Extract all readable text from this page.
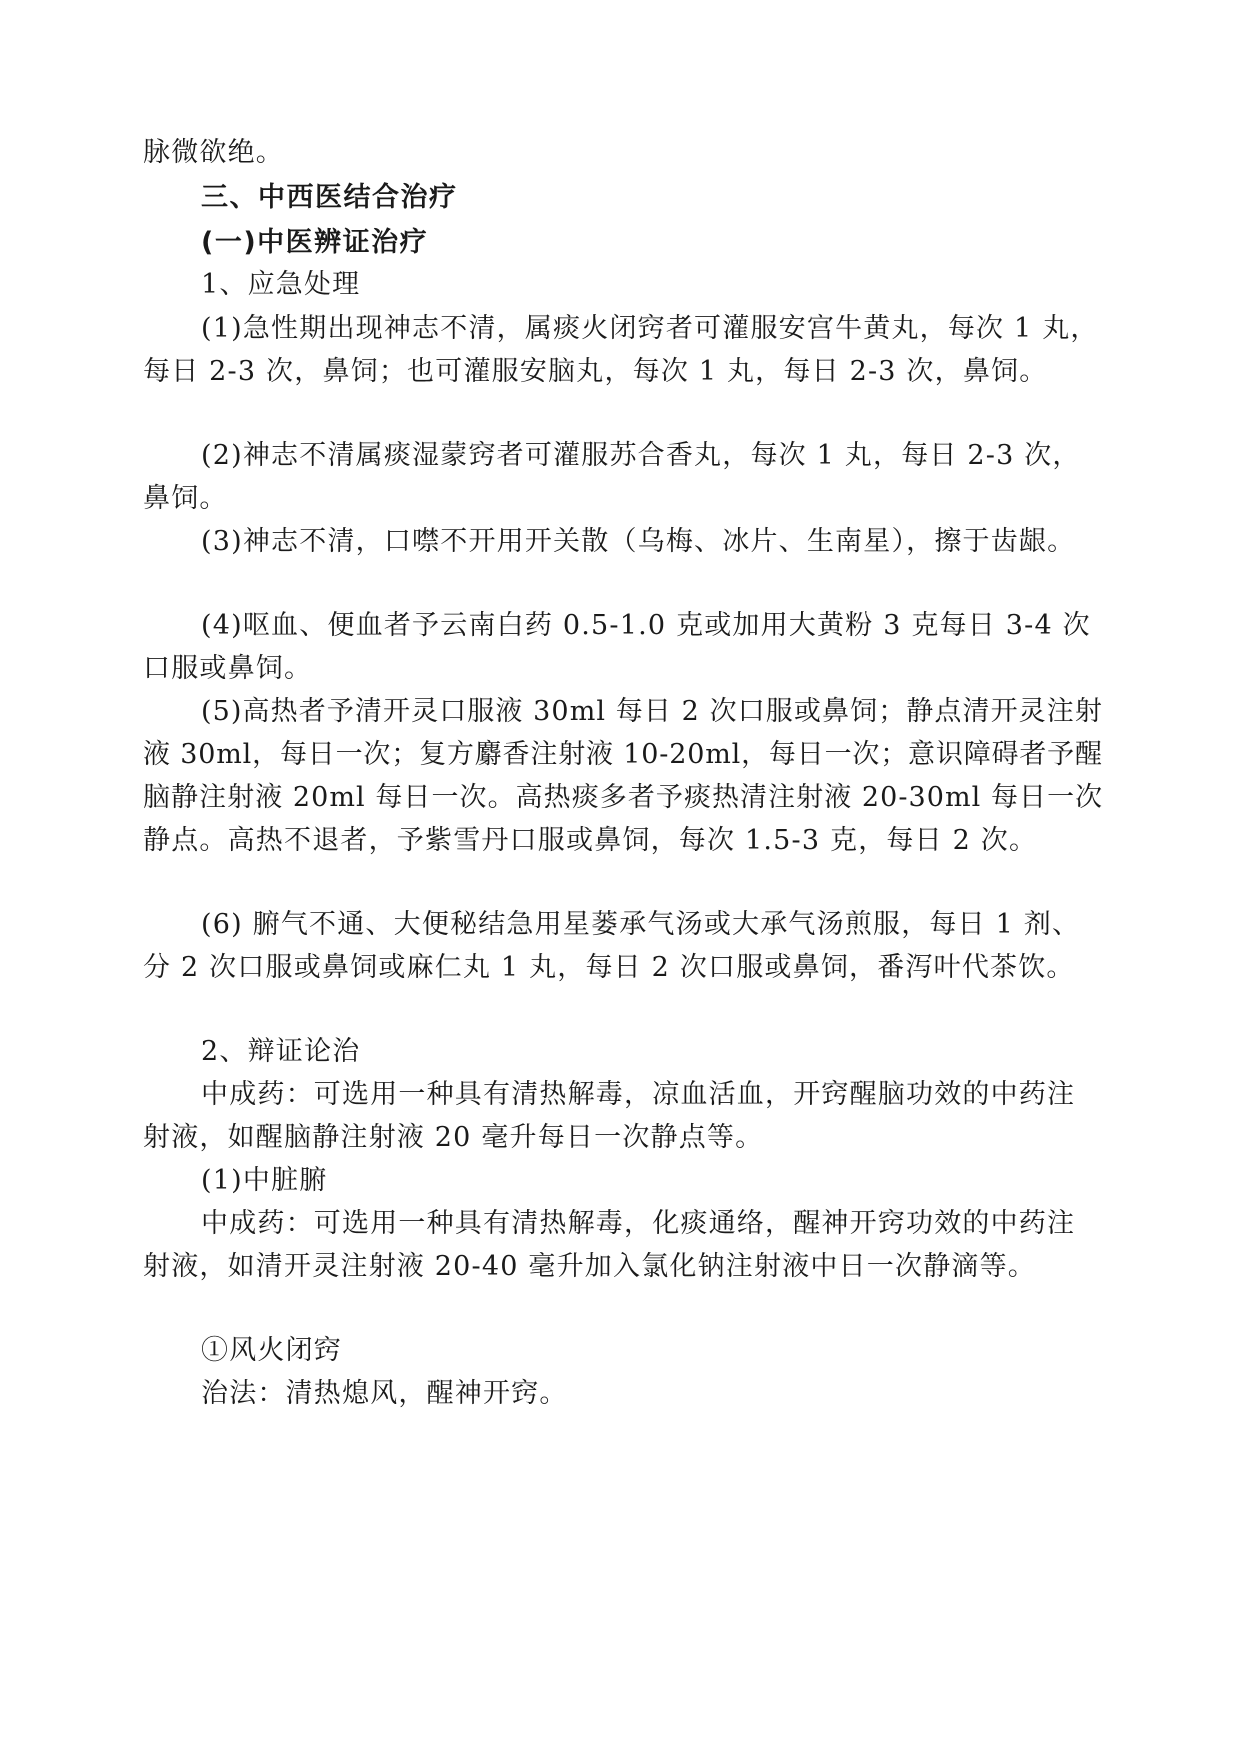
脉微欲绝。
三、中西医结合治疗
(一)中医辨证治疗
1、应急处理
(1)急性期出现神志不清，属痰火闭窍者可灌服安宫牛黄丸，每次 1 丸，
每日 2-3 次，鼻饲；也可灌服安脑丸，每次 1 丸，每日 2-3 次，鼻饲。
(2)神志不清属痰湿蒙窍者可灌服苏合香丸，每次 1 丸，每日 2-3 次，
鼻饲。
(3)神志不清，口噤不开用开关散（乌梅、冰片、生南星），擦于齿龈。
(4)呕血、便血者予云南白药 0.5-1.0 克或加用大黄粉 3 克每日 3-4 次
口服或鼻饲。
(5)高热者予清开灵口服液 30ml 每日 2 次口服或鼻饲；静点清开灵注射
液 30ml，每日一次；复方麝香注射液 10-20ml，每日一次；意识障碍者予醒
脑静注射液 20ml 每日一次。高热痰多者予痰热清注射液 20-30ml 每日一次
静点。高热不退者，予紫雪丹口服或鼻饲，每次 1.5-3 克，每日 2 次。
(6) 腑气不通、大便秘结急用星蒌承气汤或大承气汤煎服，每日 1 剂、
分 2 次口服或鼻饲或麻仁丸 1 丸，每日 2 次口服或鼻饲，番泻叶代茶饮。
2、辩证论治
中成药：可选用一种具有清热解毒，凉血活血，开窍醒脑功效的中药注
射液，如醒脑静注射液 20 毫升每日一次静点等。
(1)中脏腑
中成药：可选用一种具有清热解毒，化痰通络，醒神开窍功效的中药注
射液，如清开灵注射液 20-40 毫升加入氯化钠注射液中日一次静滴等。
①风火闭窍
治法：清热熄风，醒神开窍。
